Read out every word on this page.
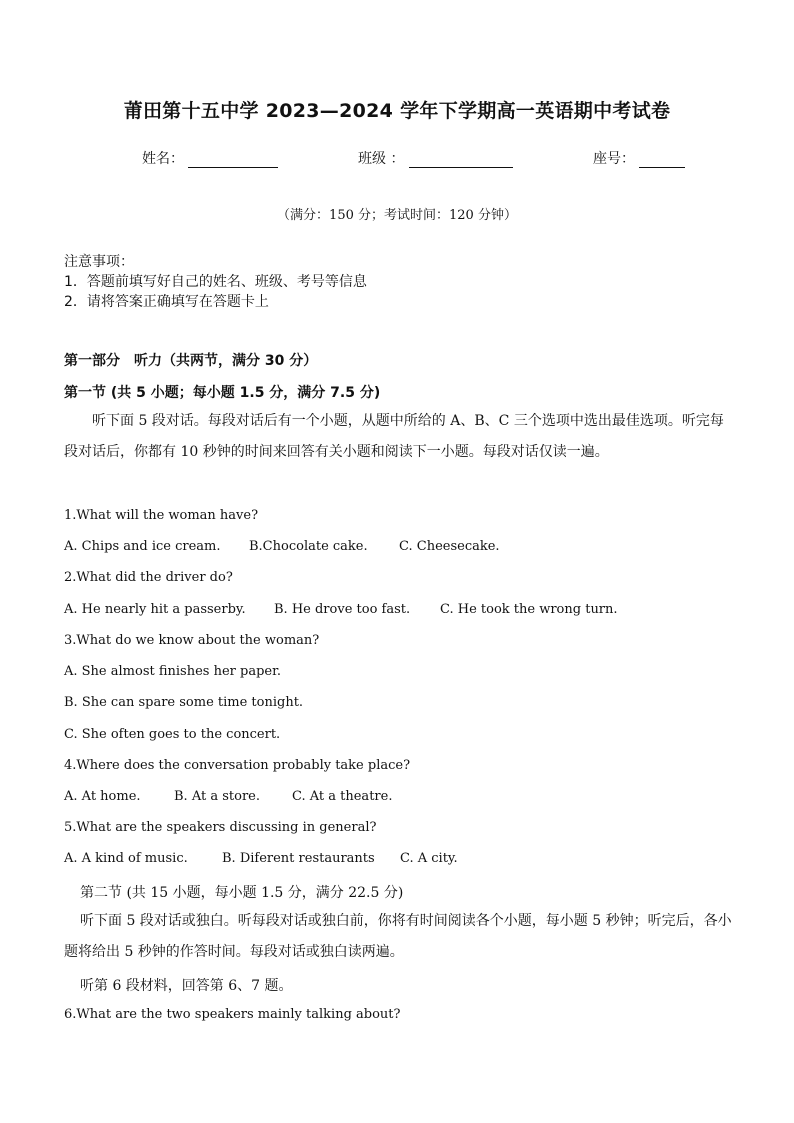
莆田第十五中学 2023—2024 学年下学期高一英语期中考试卷
姓名：	班级 ：	座号：
（满分：150 分；考试时间：120 分钟）
注意事项：
1．答题前填写好自己的姓名、班级、考号等信息
2．请将答案正确填写在答题卡上
第一部分　听力（共两节，满分 30 分）
第一节 (共 5 小题；每小题 1.5 分，满分 7.5 分)
听下面 5 段对话。每段对话后有一个小题，从题中所给的 A、B、C 三个选项中选出最佳选项。听完每段对话后，你都有 10 秒钟的时间来回答有关小题和阅读下一小题。每段对话仅读一遍。
1.What will the woman have?
A. Chips and ice cream. B.Chocolate cake. C. Cheesecake.
2.What did the driver do?
A. He nearly hit a passerby. B. He drove too fast. C. He took the wrong turn.
3.What do we know about the woman?
A. She almost finishes her paper.
B. She can spare some time tonight.
C. She often goes to the concert.
4.Where does the conversation probably take place?
A. At home.	B. At a store. C. At a theatre.
5.What are the speakers discussing in general?
A. A kind of music.	B. Diferent restaurants C. A city.
第二节 (共 15 小题，每小题 1.5 分，满分 22.5 分)
听下面 5 段对话或独白。听每段对话或独白前，你将有时间阅读各个小题，每小题 5 秒钟；听完后，各小题将给出 5 秒钟的作答时间。每段对话或独白读两遍。
听第 6 段材料，回答第 6、7 题。
6.What are the two speakers mainly talking about?
